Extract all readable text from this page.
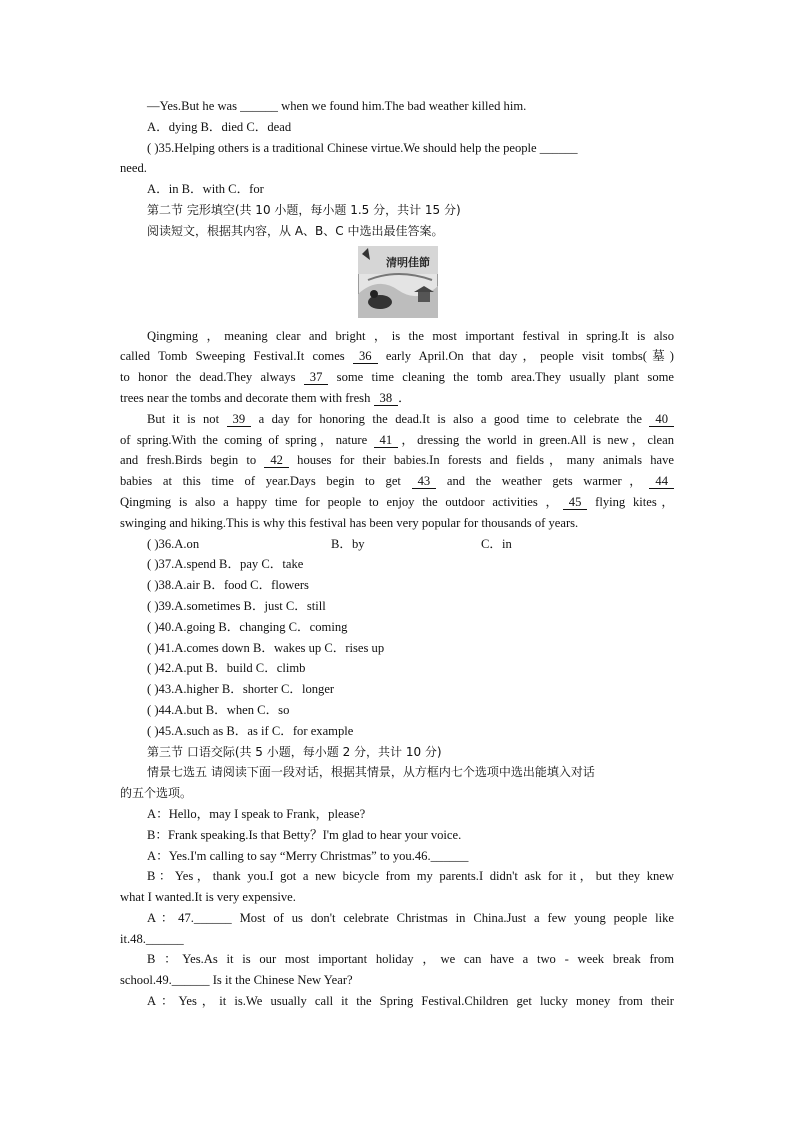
—Yes.But he was ______ when we found him.The bad weather killed him.
A．dying B．died C．dead
( )35.Helping others is a traditional Chinese virtue.We should help the people ______
need.
A．in B．with C．for
第二节 完形填空(共 10 小题，每小题 1.5 分，共计 15 分)
阅读短文，根据其内容，从 A、B、C 中选出最佳答案。
清明佳節
Qingming ，meaning clear and bright ，is the most important festival in spring.It is also
called Tomb Sweeping Festival.It comes 36 early April.On that day，people visit tombs(墓)
to honor the dead.They always 37 some time cleaning the tomb area.They usually plant some
trees near the tombs and decorate them with fresh 38 ．
But it is not 39 a day for honoring the dead.It is also a good time to celebrate the 40
of spring.With the coming of spring，nature 41 ，dressing the world in green.All is new，clean
and fresh.Birds begin to 42 houses for their babies.In forests and fields，many animals have
babies at this time of year.Days begin to get 43 and the weather gets warmer， 44
Qingming is also a happy time for people to enjoy the outdoor activities ， 45 flying kites，
swinging and hiking.This is why this festival has been very popular for thousands of years.
( )36.A.on	B．by	C．in
( )37.A.spend B．pay C．take
( )38.A.air B．food C．flowers
( )39.A.sometimes B．just C．still
( )40.A.going B．changing C．coming
( )41.A.comes down B．wakes up C．rises up
( )42.A.put B．build C．climb
( )43.A.higher B．shorter C．longer
( )44.A.but B．when C．so
( )45.A.such as B．as if C．for example
第三节 口语交际(共 5 小题，每小题 2 分，共计 10 分)
情景七选五 请阅读下面一段对话，根据其情景，从方框内七个选项中选出能填入对话
的五个选项。
A：Hello，may I speak to Frank，please?
B：Frank speaking.Is that Betty？I'm glad to hear your voice.
A：Yes.I'm calling to say “Merry Christmas” to you.46.______
B：Yes，thank you.I got a new bicycle from my parents.I didn't ask for it，but they knew
what I wanted.It is very expensive.
A：47.______ Most of us don't celebrate Christmas in China.Just a few young people like
it.48.______
B ：Yes.As it is our most important holiday ，we can have a two - week break from
school.49.______ Is it the Chinese New Year?
A：Yes，it is.We usually call it the Spring Festival.Children get lucky money from their
